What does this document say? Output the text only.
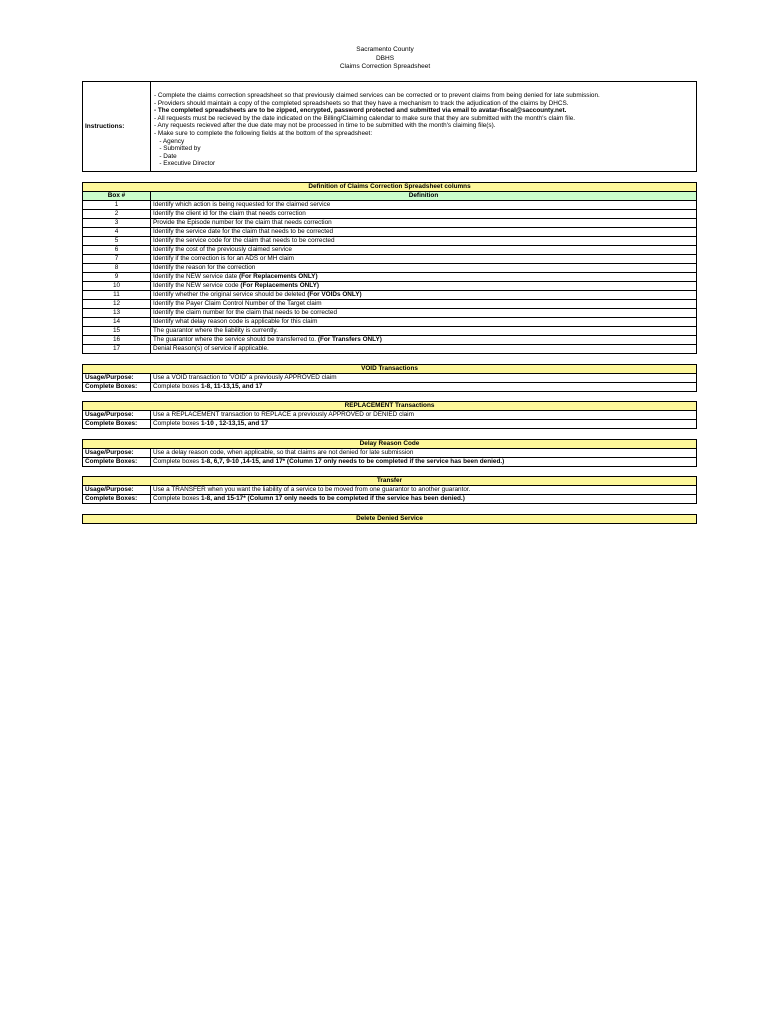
Sacramento County
DBHS
Claims Correction Spreadsheet
Instructions:
- Complete the claims correction spreadsheet so that previously claimed services can be corrected or to prevent claims from being denied for late submission.
- Providers should maintain a copy of the completed spreadsheets so that they have a mechanism to track the adjudication of the claims by DHCS.
- The completed spreadsheets are to be zipped, encrypted, password protected and submitted via email to avatar-fiscal@saccounty.net.
- All requests must be recieved by the date indicated on the Billing/Claiming calendar to make sure that they are submitted with the month's claim file.
- Any requests recieved after the due date may not be processed in time to be submitted with the month's claiming file(s).
- Make sure to complete the following fields at the bottom of the spreadsheet:
- Agency
- Submitted by
- Date
- Executive Director
Definition of Claims Correction Spreadsheet columns	
Box #	Definition
1	Identify which action is being requested for the claimed service
2	Identify the client id for the claim that needs correction
3	Provide the Episode number for the claim that needs correction
4	Identify the service date for the claim that needs to be corrected
5	Identify the service code for the claim that needs to be corrected
6	Identify the cost of the previously claimed service
7	Identify if the correction is for an ADS or MH claim
8	Identify the reason for the correction
9	Identify the NEW service date (For Replacements ONLY)
10	Identify the NEW service code (For Replacements ONLY)
11	Identify whether the original service should be deleted (For VOIDs ONLY)
12	Identify the Payer Claim Control Number of the Target claim
13	Identify the claim number for the claim that needs to be corrected
14	Identify what delay reason code is applicable for this claim
15	The guarantor where the liability is currently.
16	The guarantor where the service should be transferred to. (For Transfers ONLY)
17	Denial Reason(s) of service if applicable.
VOID Transactions	
Usage/Purpose:	Use a VOID transaction to 'VOID' a previously APPROVED claim
Complete Boxes:	Complete boxes 1-8, 11-13,15, and 17
REPLACEMENT Transactions	
Usage/Purpose:	Use a REPLACEMENT transaction to REPLACE a previously APPROVED or DENIED claim
Complete Boxes:	Complete boxes 1-10 , 12-13,15, and 17
Delay Reason Code	
Usage/Purpose:	Use a delay reason code, when applicable, so that claims are not denied for late submission
Complete Boxes:	Complete boxes 1-8, 6,7, 9-10 ,14-15, and 17* (Column 17 only needs to be completed if the service has been denied.)
Transfer	
Usage/Purpose:	Use a TRANSFER when you want the liability of a service to be moved from one guarantor to another guarantor.
Complete Boxes:	Complete boxes 1-8, and 15-17* (Column 17 only needs to be completed if the service has been denied.)
Delete Denied Service
